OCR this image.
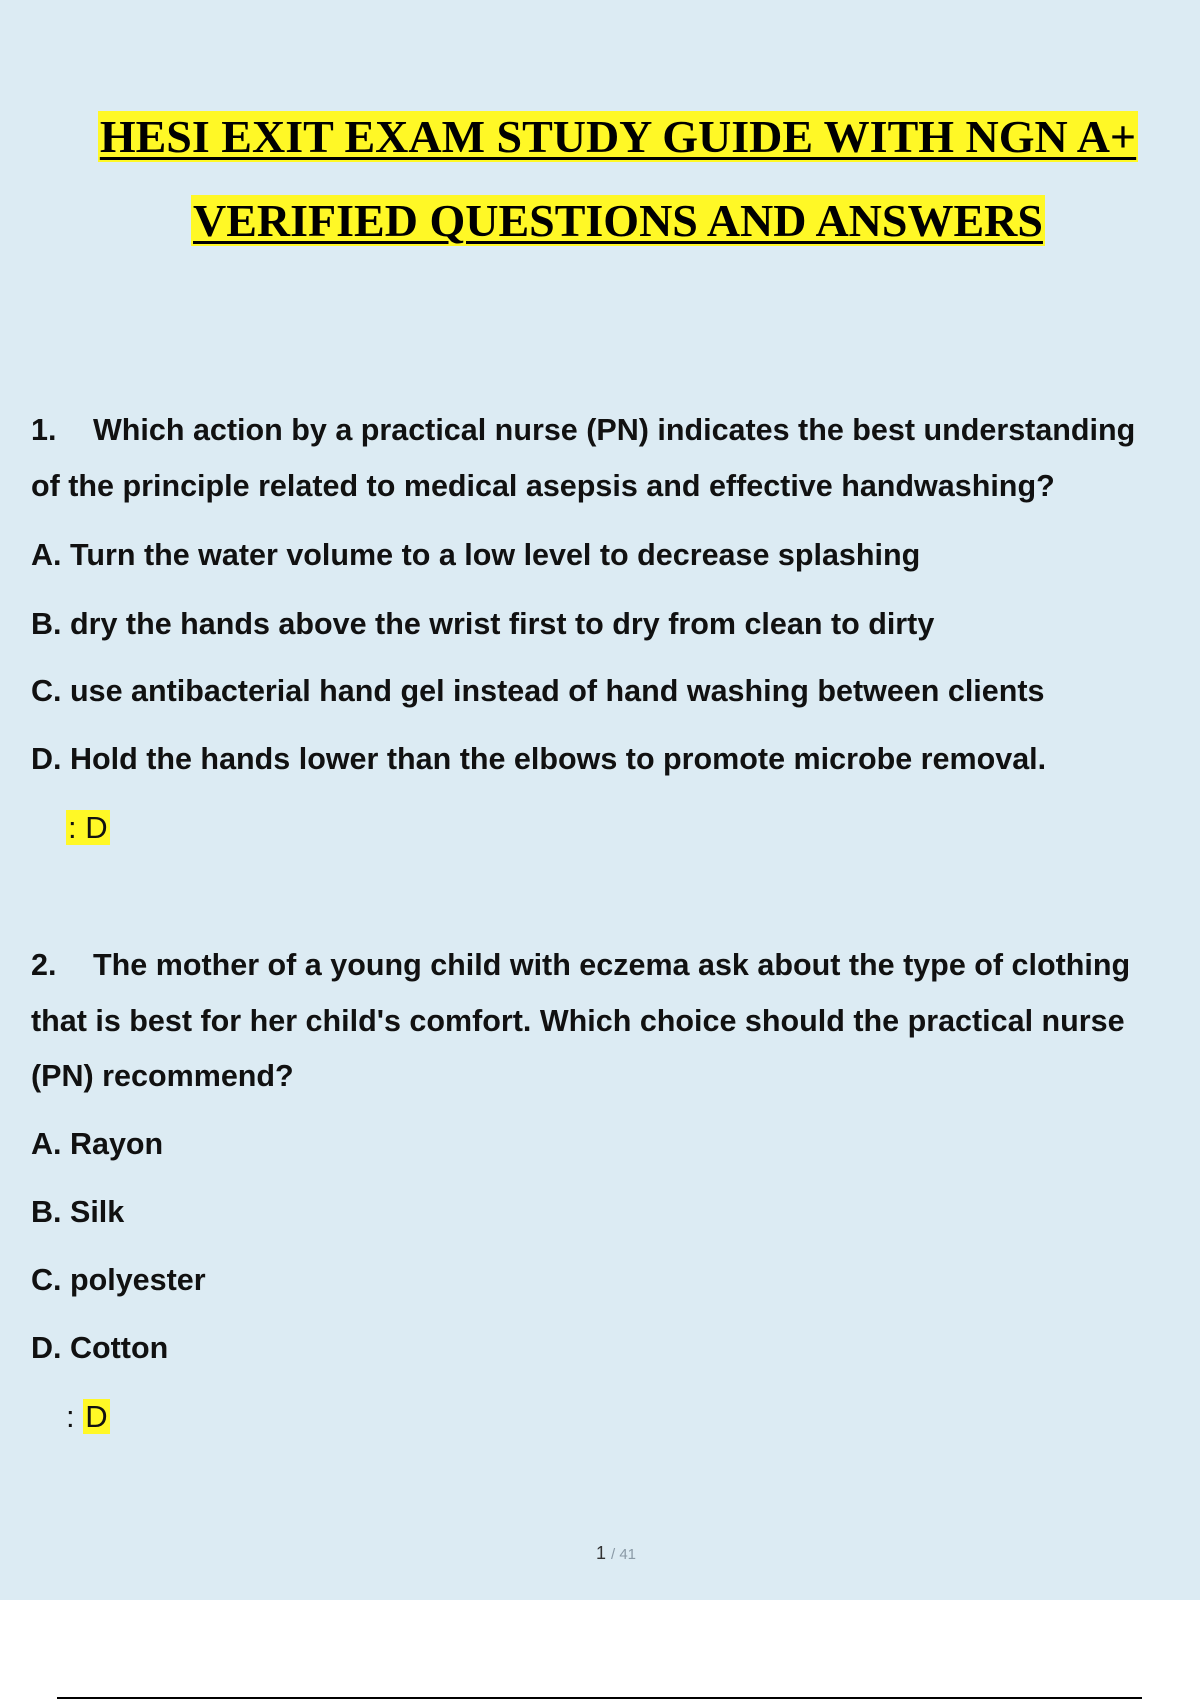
HESI EXIT EXAM STUDY GUIDE WITH NGN A+
VERIFIED QUESTIONS AND ANSWERS
1. Which action by a practical nurse (PN) indicates the best understanding
of the principle related to medical asepsis and effective handwashing?
A. Turn the water volume to a low level to decrease splashing
B. dry the hands above the wrist first to dry from clean to dirty
C. use antibacterial hand gel instead of hand washing between clients
D. Hold the hands lower than the elbows to promote microbe removal.
: D
2. The mother of a young child with eczema ask about the type of clothing
that is best for her child's comfort. Which choice should the practical nurse
(PN) recommend?
A. Rayon
B. Silk
C. polyester
D. Cotton
: D
1 / 41
